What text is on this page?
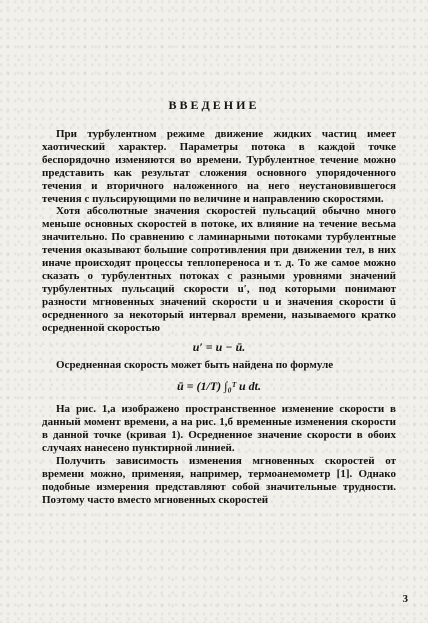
ВВЕДЕНИЕ

При турбулентном режиме движение жидких частиц имеет хаотический характер. Параметры потока в каждой точке беспорядочно изменяются во времени. Турбулентное течение можно представить как результат сложения основного упорядоченного течения и вторичного наложенного на него неустановившегося течения с пульсирующими по величине и направлению скоростями.

Хотя абсолютные значения скоростей пульсаций обычно много меньше основных скоростей в потоке, их влияние на течение весьма значительно. По сравнению с ламинарными потоками турбулентные течения оказывают большие сопротивления при движении тел, в них иначе происходят процессы теплопереноса и т. д. То же самое можно сказать о турбулентных потоках с разными уровнями значений турбулентных пульсаций скорости u′, под которыми понимают разности мгновенных значений скорости u и значения скорости ū осредненного за некоторый интервал времени, называемого кратко осредненной скоростью

u′ = u − ū.

Осредненная скорость может быть найдена по формуле

ū = (1/T) ∫₀ᵀ u dt.

На рис. 1,а изображено пространственное изменение скорости в данный момент времени, а на рис. 1,б временные изменения скорости в данной точке (кривая 1). Осредненное значение скорости в обоих случаях нанесено пунктирной линией.

Получить зависимость изменения мгновенных скоростей от времени можно, применяя, например, термоанемометр [1]. Однако подобные измерения представляют собой значительные трудности. Поэтому часто вместо мгновенных скоростей

3
